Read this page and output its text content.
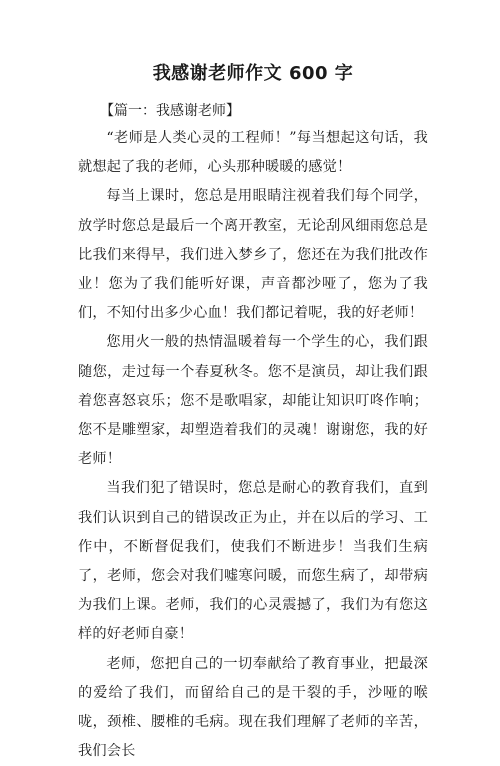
我感谢老师作文 600 字
【篇一：我感谢老师】

“老师是人类心灵的工程师！”每当想起这句话，我就想起了我的老师，心头那种暖暖的感觉！

每当上课时，您总是用眼睛注视着我们每个同学，放学时您总是最后一个离开教室，无论刮风细雨您总是比我们来得早，我们进入梦乡了，您还在为我们批改作业！您为了我们能听好课，声音都沙哑了，您为了我们，不知付出多少心血！我们都记着呢，我的好老师！

您用火一般的热情温暖着每一个学生的心，我们跟随您，走过每一个春夏秋冬。您不是演员，却让我们跟着您喜怒哀乐；您不是歌唱家，却能让知识叮咚作响；您不是雕塑家，却塑造着我们的灵魂！谢谢您，我的好老师！

当我们犯了错误时，您总是耐心的教育我们，直到我们认识到自己的错误改正为止，并在以后的学习、工作中，不断督促我们，使我们不断进步！当我们生病了，老师，您会对我们嘘寒问暖，而您生病了，却带病为我们上课。老师，我们的心灵震撼了，我们为有您这样的好老师自豪！

老师，您把自己的一切奉献给了教育事业，把最深的爱给了我们，而留给自己的是干裂的手，沙哑的喉咙，颈椎、腰椎的毛病。现在我们理解了老师的辛苦，我们会长
